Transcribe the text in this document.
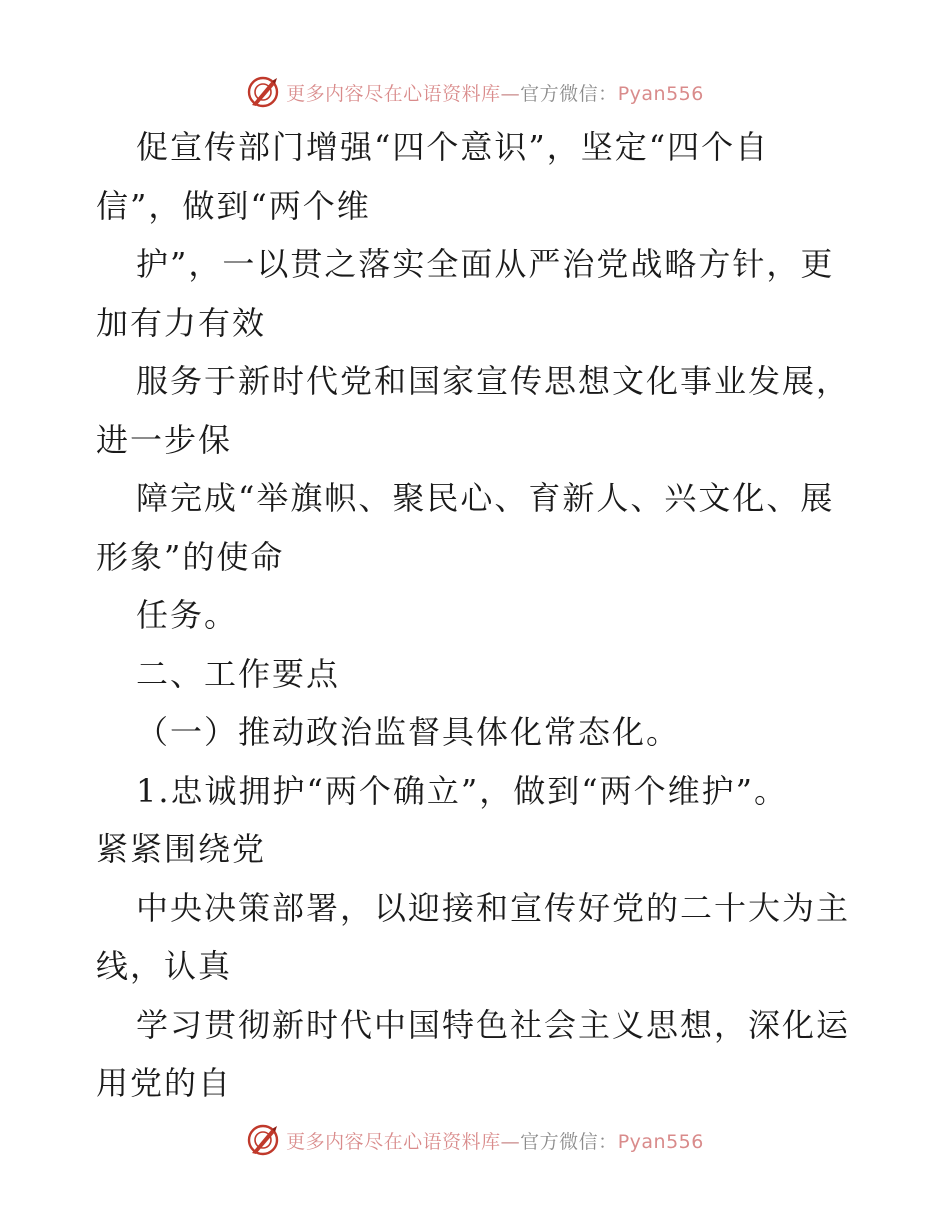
更多内容尽在心语资料库—官方微信：Pyan556
促宣传部门增强“四个意识”，坚定“四个自
信”，做到“两个维
护”，一以贯之落实全面从严治党战略方针，更
加有力有效
服务于新时代党和国家宣传思想文化事业发展，
进一步保
障完成“举旗帜、聚民心、育新人、兴文化、展
形象”的使命
任务。
二、工作要点
（一）推动政治监督具体化常态化。
1.忠诚拥护“两个确立”，做到“两个维护”。
紧紧围绕党
中央决策部署，以迎接和宣传好党的二十大为主
线，认真
学习贯彻新时代中国特色社会主义思想，深化运
用党的自
更多内容尽在心语资料库—官方微信：Pyan556
